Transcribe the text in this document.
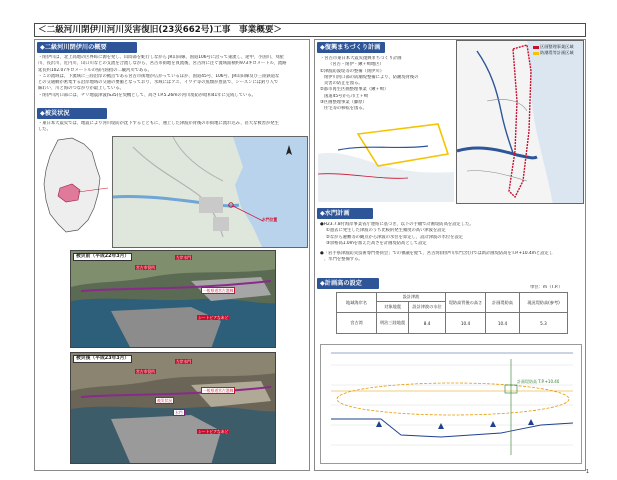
＜二級河川閉伊川河川災害復旧(23災662号)工事　事業概要＞
◆二級河川閉伊川の概要
・閉伊川は、北上高地の区界峠に源を発し、山間部を蛇行しながら JR山田線、国道106号に沿って東流し、途中、小国川、刈屋
川、長沢川、近内川、山口川などの支流を合流しながら、宮古市街地を貫流後、宮古湾に注ぐ流域面積約973キロメートル、流路
延長約102.07キロメートルの県内屈指の二級河川である。
・この流域は、下流域に三陸沿岸の拠点である宮古市街地が広がっているほか、国道45号、106号、JR山田線及び三陸鉄道な
どの交通網が密集する沿岸地域の交通の要衝となっており、水域にはアユ、イワナ等の魚類が豊富で、シーズンには釣り人で
賑わい、川と海のつながりが最上している。
・閉伊川河口部には、チリ地震津波(S35)を契機として、高さT.P.5.26mの河川堤防が昭和41年に完成している。
◆被災状況
・東日本大震災では、地震により河川堤防が沈下するとともに、遡上した津波が背後の市街地に流れ込み、甚大な被害が発生
した。
水門位置
被災前（平成22年3月）
宮古市役所
左岸水門
一般県道宮古港線
シートピアなあど
被災後（平成23年3月）
宮古市役所
左岸水門
一般県道宮古港線
被災状況
水門
シートピアなあど
◆復興まちづくり計画
・宮古市東日本大震災復興まちづくり計画
（宮古・閉伊・鍬ヶ崎地区）
①津波防波堤等の整備（閉伊川）
閉伊川河口部の防潮堤整備により、防潮堤背後の
災害の防止を図る。
②都市再生区画整理事業（鍬ヶ崎）
国道45号から市土ヶ崎
③区画整理事業（藤原）
住宅等の移転を図る。
区画整理事業区域
防潮堤等計画区域
◆水門計画
●H23.7.8付海岸事業省庁連絡に基づき、以下の手順で計画堤防高を設定した。
①過去に発生した津波のうち比較的発生頻度の高い津波を設定
②ながら避難等の観点から津波の水位を算定し、設計津波の水位を設定
③余裕高1.0mを加えた高さを計画堤防高として設定
●「岩手県津波防災技術専門委員会」での審議を経て、宮古湾(閉伊川水門含む)では新計画堤防高をT.P.+10.4mと設定し
、水門を整備する。
◆計画高の設定
単位：m（T.P.）
地域海岸名	設計津波		堤防高背後の高さ	計画堤防高	現況堤防高(参考)
	対象地震	設計津波の水位			
宮古湾	明治三陸地震	8.4	10.4	10.4	5.3
計画堤防高 T.P.+10.40
1
